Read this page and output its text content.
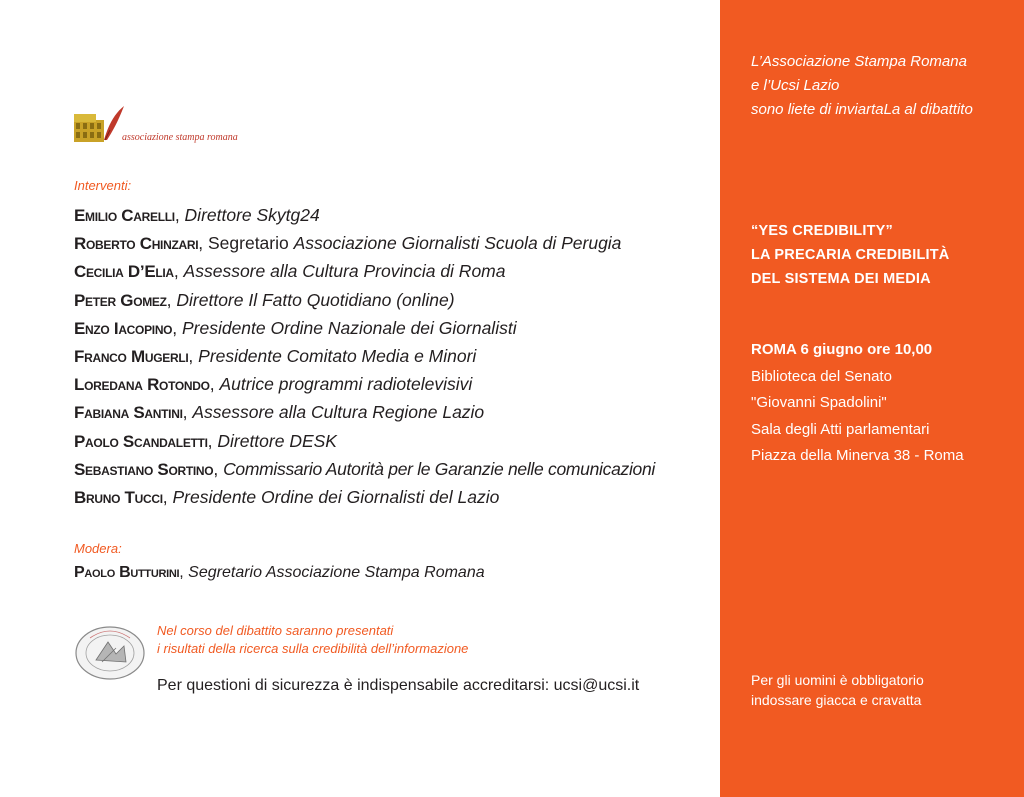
associazione stampa romana
Interventi:
Emilio Carelli, Direttore Skytg24
Roberto Chinzari, Segretario Associazione Giornalisti Scuola di Perugia
Cecilia D’Elia, Assessore alla Cultura Provincia di Roma
Peter Gomez, Direttore Il Fatto Quotidiano (online)
Enzo Iacopino, Presidente Ordine Nazionale dei Giornalisti
Franco Mugerli, Presidente Comitato Media e Minori
Loredana Rotondo, Autrice programmi radiotelevisivi
Fabiana Santini, Assessore alla Cultura Regione Lazio
Paolo Scandaletti, Direttore DESK
Sebastiano Sortino, Commissario Autorità per le Garanzie nelle comunicazioni
Bruno Tucci, Presidente Ordine dei Giornalisti del Lazio
Modera:
Paolo Butturini, Segretario Associazione Stampa Romana
Nel corso del dibattito saranno presentati
i risultati della ricerca sulla credibilità dell’informazione
Per questioni di sicurezza è indispensabile accreditarsi: ucsi@ucsi.it
L’Associazione Stampa Romana
e l’Ucsi Lazio
sono liete di inviartaLa al dibattito
“YES CREDIBILITY”
LA PRECARIA CREDIBILITÀ
DEL SISTEMA DEI MEDIA
ROMA 6 giugno ore 10,00
Biblioteca del Senato
"Giovanni Spadolini"
Sala degli Atti parlamentari
Piazza della Minerva 38 - Roma
Per gli uomini è obbligatorio
indossare giacca e cravatta
